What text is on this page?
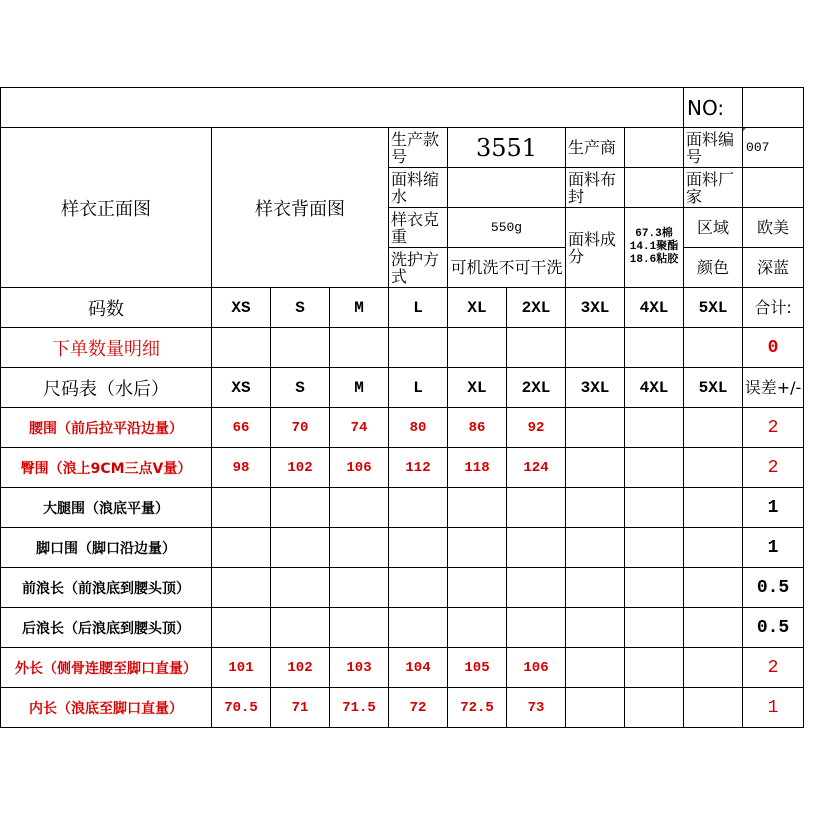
									NO:	
样衣正面图	样衣背面图			生产款号	3551		生产商		面料编号	007
				面料缩水			面料布封		面料厂家	
				样衣克重	550g		面料成分	67.3棉 14.1聚酯18.6粘胶	区域	欧美
				洗护方式	可机洗不可干洗				颜色	深蓝
码数	XS	S	M	L	XL	2XL	3XL	4XL	5XL	合计:
下单数量明细										0
尺码表（水后）	XS	S	M	L	XL	2XL	3XL	4XL	5XL	误差+/-
腰围（前后拉平沿边量）	66	70	74	80	86	92				2
臀围（浪上9CM三点V量）	98	102	106	112	118	124				2
大腿围（浪底平量）										1
脚口围（脚口沿边量）										1
前浪长（前浪底到腰头顶）										0.5
后浪长（后浪底到腰头顶）										0.5
外长（侧骨连腰至脚口直量）	101	102	103	104	105	106				2
内长（浪底至脚口直量）	70.5	71	71.5	72	72.5	73				1
